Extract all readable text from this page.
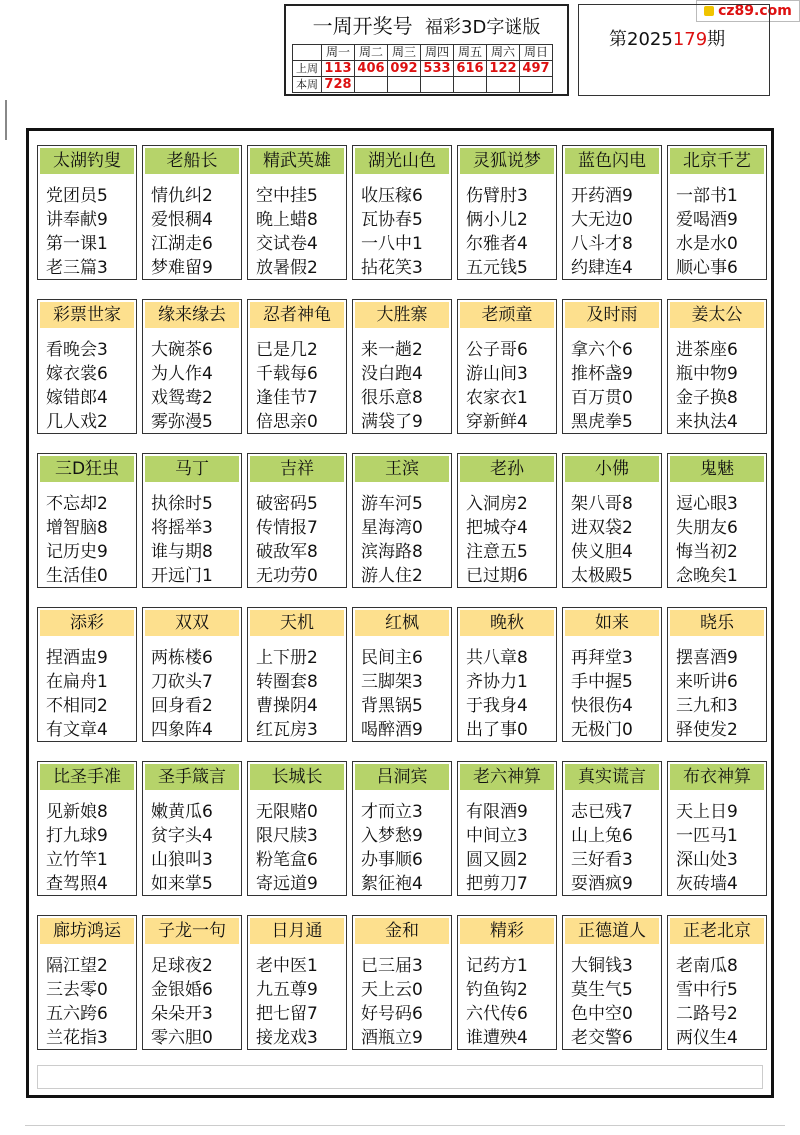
cz89.com
一周开奖号 福彩3D字谜版
	周一	周二	周三	周四	周五	周六	周日
上周	113	406	092	533	616	122	497
本周	728						
第2025179期
太湖钓叟
党团员5
讲奉献9
第一课1
老三篇3
老船长
情仇纠2
爱恨稠4
江湖走6
梦难留9
精武英雄
空中挂5
晚上蜡8
交试卷4
放暑假2
湖光山色
收压稼6
瓦协春5
一八中1
拈花笑3
灵狐说梦
伤臂肘3
俩小儿2
尔雅者4
五元钱5
蓝色闪电
开药酒9
大无边0
八斗才8
约肆连4
北京千艺
一部书1
爱喝酒9
水是水0
顺心事6
彩票世家
看晚会3
嫁衣裳6
嫁错郎4
几人戏2
缘来缘去
大碗茶6
为人作4
戏鸳鸯2
雾弥漫5
忍者神龟
已是几2
千载每6
逢佳节7
倍思亲0
大胜寨
来一趟2
没白跑4
很乐意8
满袋了9
老顽童
公子哥6
游山间3
农家衣1
穿新鲜4
及时雨
拿六个6
推杯盏9
百万贯0
黑虎拳5
姜太公
进茶座6
瓶中物9
金子换8
来执法4
三D狂虫
不忘却2
增智脑8
记历史9
生活佳0
马丁
执徐时5
将摇举3
谁与期8
开远门1
吉祥
破密码5
传情报7
破敌军8
无功劳0
王滨
游车河5
星海湾0
滨海路8
游人住2
老孙
入洞房2
把城夺4
注意五5
已过期6
小佛
架八哥8
进双袋2
侠义胆4
太极殿5
鬼魅
逗心眼3
失朋友6
悔当初2
念晚矣1
添彩
捏酒盅9
在扁舟1
不相同2
有文章4
双双
两栋楼6
刀砍头7
回身看2
四象阵4
天机
上下册2
转圈套8
曹操阴4
红瓦房3
红枫
民间主6
三脚架3
背黑锅5
喝醉酒9
晚秋
共八章8
齐协力1
于我身4
出了事0
如来
再拜堂3
手中握5
快很伤4
无极门0
晓乐
摆喜酒9
来听讲6
三九和3
驿使发2
比圣手准
见新娘8
打九球9
立竹竿1
查驾照4
圣手箴言
嫩黄瓜6
贫字头4
山狼叫3
如来掌5
长城长
无限赌0
限尺牍3
粉笔盒6
寄远道9
吕洞宾
才而立3
入梦愁9
办事顺6
絮征袍4
老六神算
有限酒9
中间立3
圆又圆2
把剪刀7
真实谎言
志已残7
山上兔6
三好看3
耍酒疯9
布衣神算
天上日9
一匹马1
深山处3
灰砖墙4
廊坊鸿运
隔江望2
三去零0
五六跨6
兰花指3
子龙一句
足球夜2
金银婚6
朵朵开3
零六胆0
日月通
老中医1
九五尊9
把七留7
接龙戏3
金和
已三届3
天上云0
好号码6
酒瓶立9
精彩
记药方1
钓鱼钩2
六代传6
谁遭殃4
正德道人
大铜钱3
莫生气5
色中空0
老交警6
正老北京
老南瓜8
雪中行5
二路号2
两仪生4
